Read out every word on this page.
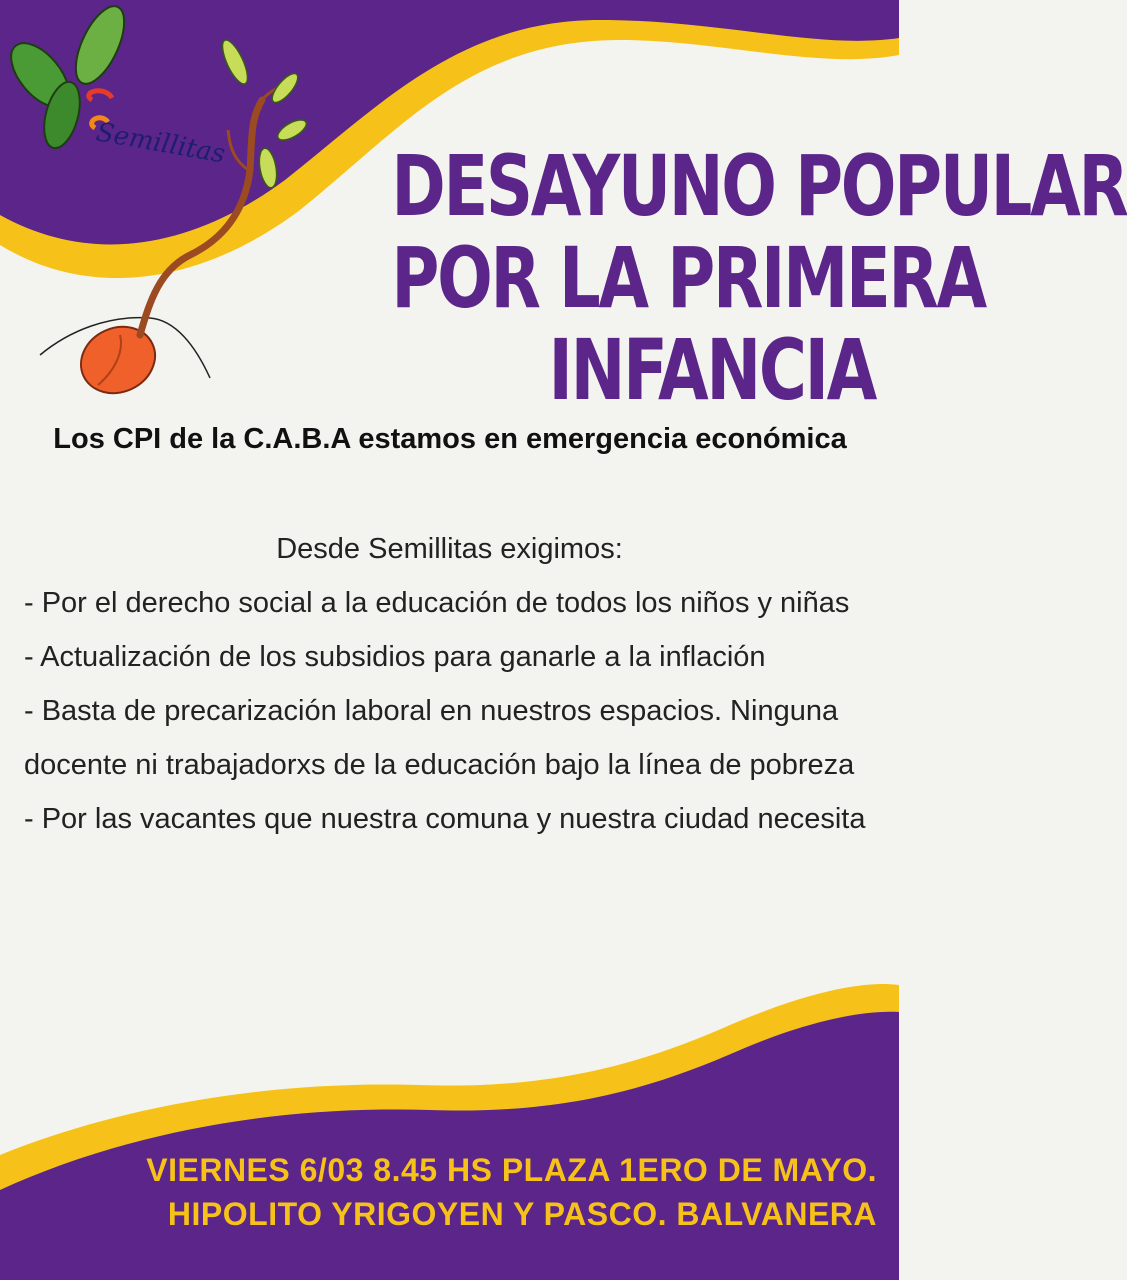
Semillitas DESAYUNO POPULAR
POR LA PRIMERA
INFANCIA
Los CPI de la C.A.B.A estamos en emergencia económica
Desde Semillitas exigimos:

- Por el derecho social a la educación de todos los niños y niñas

- Actualización de los subsidios para ganarle a la inflación

- Basta de precarización laboral en nuestros espacios. Ninguna docente ni trabajadorxs de la educación bajo la línea de pobreza

- Por las vacantes que nuestra comuna y nuestra ciudad necesita

VIERNES 6/03 8.45 HS PLAZA 1ERO DE MAYO. HIPOLITO YRIGOYEN Y PASCO. BALVANERA
